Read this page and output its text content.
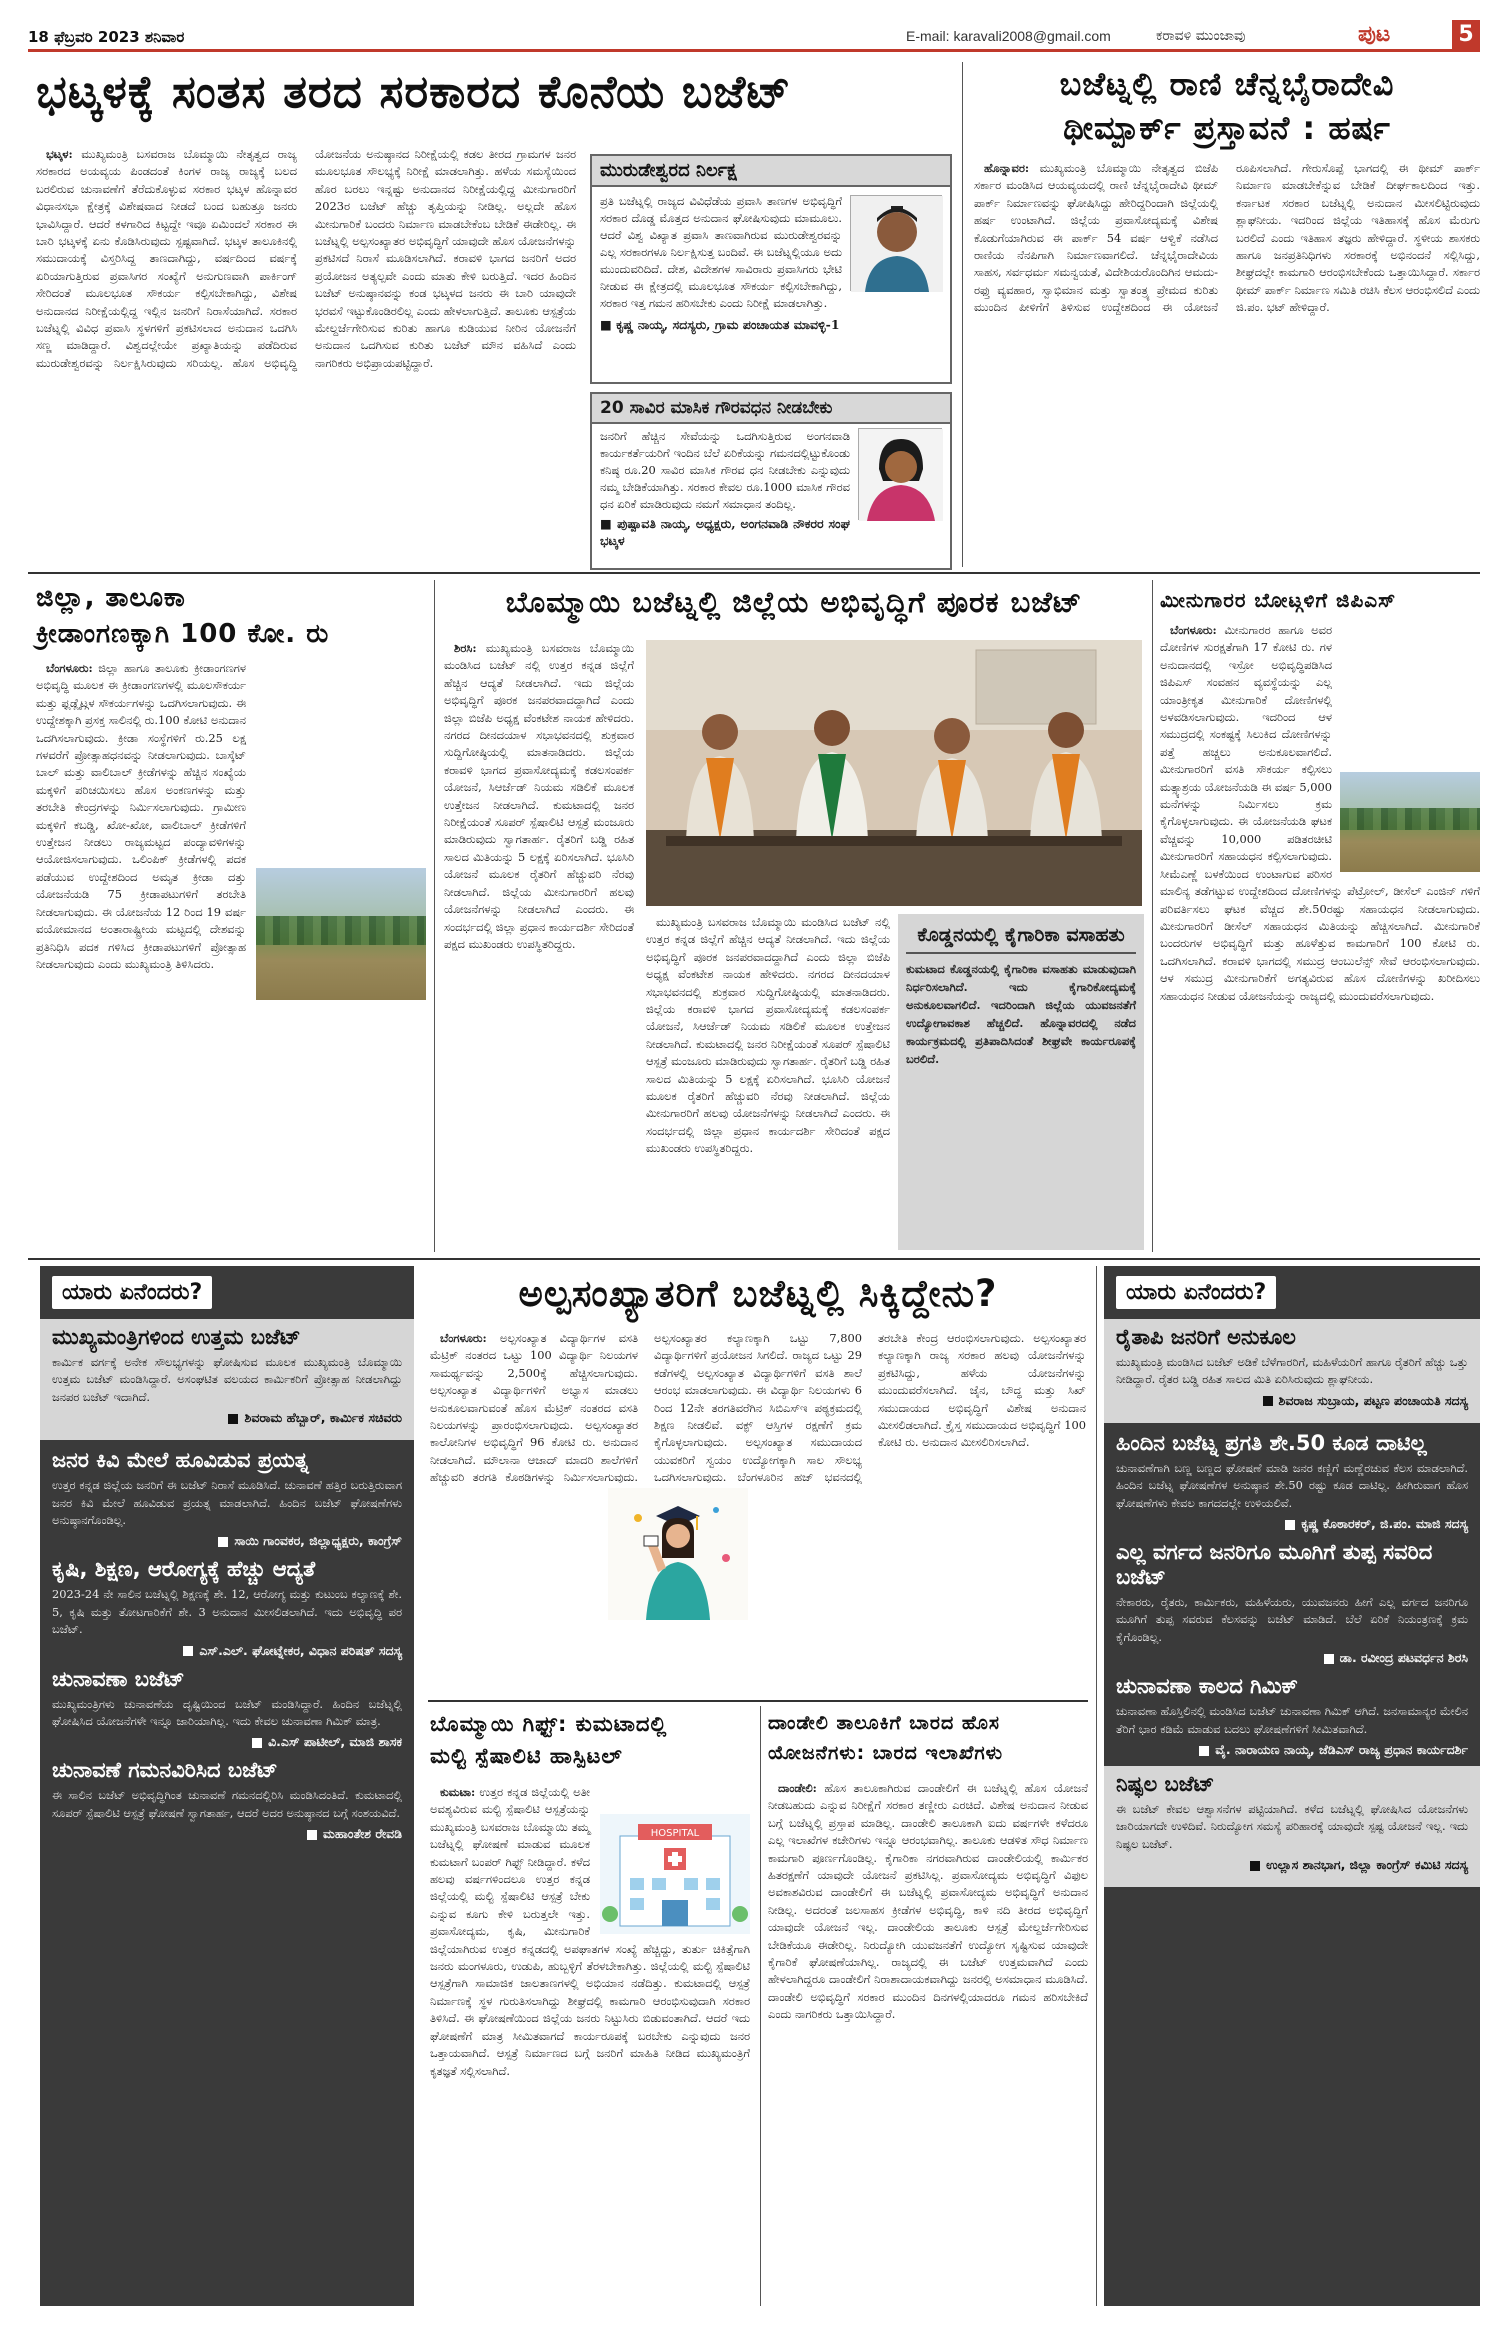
18 ಫೆಬ್ರವರಿ 2023 ಶನಿವಾರ	E-mail: karavali2008@gmail.com	ಕರಾವಳಿ ಮುಂಜಾವು	ಪುಟ	5
ಭಟ್ಕಳಕ್ಕೆ ಸಂತಸ ತರದ ಸರಕಾರದ ಕೊನೆಯ ಬಜೆಟ್

ಭಟ್ಕಳ: ಮುಖ್ಯಮಂತ್ರಿ ಬಸವರಾಜ ಬೊಮ್ಮಾಯಿ ನೇತೃತ್ವದ ರಾಜ್ಯ ಸರಕಾರದ ಅಯವ್ಯಯ ಪಿಂಡದಂತೆ ಕಿಂಗಳ ರಾಜ್ಯ ರಾಜ್ಯಕ್ಕೆ ಬಲದ ಬರಲಿರುವ ಚುನಾವಣೆಗೆ ತೆರೆದುಕೊಳ್ಳುವ ಸರಕಾರ ಭಟ್ಕಳ ಹೊನ್ನಾವರ ವಿಧಾನಸಭಾ ಕ್ಷೇತ್ರಕ್ಕೆ ವಿಶೇಷವಾದ ನೀಡದೆ ಬಂದ ಬಹುತ್ತೂ ಜನರು ಭಾವಿಸಿದ್ದಾರೆ. ಆದರೆ ಕಳಗಾರಿದ ಕಿಟ್ಟದ್ದೇ ಇವೂ ಏಮಿಂದಲೆ ಸರಕಾರ ಈ ಬಾರಿ ಭಟ್ಕಳಕ್ಕೆ ಏನು ಕೊಡಿಸಿರುವುದು ಸ್ಪಷ್ಟವಾಗಿದೆ. ಭಟ್ಕಳ ತಾಲೂಕಿನಲ್ಲಿ ಸಮುದಾಯಕ್ಕೆ ವಿಸ್ತರಿಸಿದ್ದ ತಾಣದಾಗಿದ್ದು, ವರ್ಷದಿಂದ ವರ್ಷಕ್ಕೆ ಏರಿಯಾಗುತ್ತಿರುವ ಪ್ರವಾಸಿಗರ ಸಂಖ್ಯೆಗೆ ಅನುಗುಣವಾಗಿ ಪಾರ್ಕಿಂಗ್ ಸೇರಿದಂತೆ ಮೂಲಭೂತ ಸೌಕರ್ಯ ಕಲ್ಪಿಸಬೇಕಾಗಿದ್ದು, ವಿಶೇಷ ಅನುದಾನದ ನಿರೀಕ್ಷೆಯಲ್ಲಿದ್ದ ಇಲ್ಲಿನ ಜನರಿಗೆ ನಿರಾಸೆಯಾಗಿದೆ. ಸರಕಾರ ಬಜೆಟ್ನಲ್ಲಿ ವಿವಿಧ ಪ್ರವಾಸಿ ಸ್ಥಳಗಳಿಗೆ ಪ್ರಕಟಿಸಲಾದ ಅನುದಾನ ಒದಗಿಸಿ ಸಣ್ಣ ಮಾಡಿದ್ದಾರೆ. ವಿಶ್ವದಲ್ಲೇಯೇ ಪ್ರಖ್ಯಾತಿಯನ್ನು ಪಡೆದಿರುವ ಮುರುಡೇಶ್ವರವನ್ನು ನಿರ್ಲಕ್ಷಿಸಿರುವುದು ಸರಿಯಲ್ಲ. ಹೊಸ ಅಭಿವೃದ್ಧಿ ಯೋಜನೆಯ ಅನುಷ್ಠಾನದ ನಿರೀಕ್ಷೆಯಲ್ಲಿ ಕಡಲ ತೀರದ ಗ್ರಾಮಗಳ ಜನರ ಮೂಲಭೂತ ಸೌಲಭ್ಯಕ್ಕೆ ನಿರೀಕ್ಷೆ ಮಾಡಲಾಗಿತ್ತು. ಹಳೆಯ ಸಮಸ್ಯೆಯಿಂದ ಹೊರ ಬರಲು ಇನ್ನಷ್ಟು ಅನುದಾನದ ನಿರೀಕ್ಷೆಯಲ್ಲಿದ್ದ ಮೀನುಗಾರರಿಗೆ 2023ರ ಬಜೆಟ್ ಹೆಚ್ಚು ತೃಪ್ತಿಯನ್ನು ನೀಡಿಲ್ಲ. ಅಲ್ಲದೇ ಹೊಸ ಮೀನುಗಾರಿಕೆ ಬಂದರು ನಿರ್ಮಾಣ ಮಾಡಬೇಕೆಂಬ ಬೇಡಿಕೆ ಈಡೇರಿಲ್ಲ. ಈ ಬಜೆಟ್ನಲ್ಲಿ ಅಲ್ಪಸಂಖ್ಯಾತರ ಅಭಿವೃದ್ಧಿಗೆ ಯಾವುದೇ ಹೊಸ ಯೋಜನೆಗಳನ್ನು ಪ್ರಕಟಿಸದೆ ನಿರಾಸೆ ಮೂಡಿಸಲಾಗಿದೆ. ಕರಾವಳಿ ಭಾಗದ ಜನರಿಗೆ ಅದರ ಪ್ರಯೋಜನ ಅತ್ಯಲ್ಪವೇ ಎಂದು ಮಾತು ಕೇಳಿ ಬರುತ್ತಿದೆ. ಇದರ ಹಿಂದಿನ ಬಜೆಟ್ ಅನುಷ್ಠಾನವನ್ನು ಕಂಡ ಭಟ್ಕಳದ ಜನರು ಈ ಬಾರಿ ಯಾವುದೇ ಭರವಸೆ ಇಟ್ಟುಕೊಂಡಿರಲಿಲ್ಲ ಎಂದು ಹೇಳಲಾಗುತ್ತಿದೆ. ತಾಲೂಕು ಆಸ್ಪತ್ರೆಯ ಮೇಲ್ದರ್ಜೆಗೇರಿಸುವ ಕುರಿತು ಹಾಗೂ ಕುಡಿಯುವ ನೀರಿನ ಯೋಜನೆಗೆ ಅನುದಾನ ಒದಗಿಸುವ ಕುರಿತು ಬಜೆಟ್ ಮೌನ ವಹಿಸಿದೆ ಎಂದು ನಾಗರಿಕರು ಅಭಿಪ್ರಾಯಪಟ್ಟಿದ್ದಾರೆ.

ಮುರುಡೇಶ್ವರದ ನಿರ್ಲಕ್ಷ
ಪ್ರತಿ ಬಜೆಟ್ನಲ್ಲಿ ರಾಜ್ಯದ ವಿವಿಧೆಡೆಯ ಪ್ರವಾಸಿ ತಾಣಗಳ ಅಭಿವೃದ್ಧಿಗೆ ಸರಕಾರ ದೊಡ್ಡ ಮೊತ್ತದ ಅನುದಾನ ಘೋಷಿಸುವುದು ಮಾಮೂಲು. ಆದರೆ ವಿಶ್ವ ವಿಖ್ಯಾತ ಪ್ರವಾಸಿ ತಾಣವಾಗಿರುವ ಮುರುಡೇಶ್ವರವನ್ನು ಎಲ್ಲ ಸರಕಾರಗಳೂ ನಿರ್ಲಕ್ಷಿಸುತ್ತ ಬಂದಿವೆ. ಈ ಬಜೆಟ್ನಲ್ಲಿಯೂ ಅದು ಮುಂದುವರಿದಿದೆ. ದೇಶ, ವಿದೇಶಗಳ ಸಾವಿರಾರು ಪ್ರವಾಸಿಗರು ಭೇಟಿ ನೀಡುವ ಈ ಕ್ಷೇತ್ರದಲ್ಲಿ ಮೂಲಭೂತ ಸೌಕರ್ಯ ಕಲ್ಪಿಸಬೇಕಾಗಿದ್ದು, ಸರಕಾರ ಇತ್ತ ಗಮನ ಹರಿಸಬೇಕು ಎಂದು ನಿರೀಕ್ಷೆ ಮಾಡಲಾಗಿತ್ತು.
■ ಕೃಷ್ಣ ನಾಯ್ಕ, ಸದಸ್ಯರು, ಗ್ರಾಮ ಪಂಚಾಯತ ಮಾವಳ್ಳಿ-1
20 ಸಾವಿರ ಮಾಸಿಕ ಗೌರವಧನ ನೀಡಬೇಕು
ಜನರಿಗೆ ಹೆಚ್ಚಿನ ಸೇವೆಯನ್ನು ಒದಗಿಸುತ್ತಿರುವ ಅಂಗನವಾಡಿ ಕಾರ್ಯಕರ್ತೆಯರಿಗೆ ಇಂದಿನ ಬೆಲೆ ಏರಿಕೆಯನ್ನು ಗಮನದಲ್ಲಿಟ್ಟುಕೊಂಡು ಕನಿಷ್ಠ ರೂ.20 ಸಾವಿರ ಮಾಸಿಕ ಗೌರವ ಧನ ನೀಡಬೇಕು ಎನ್ನುವುದು ನಮ್ಮ ಬೇಡಿಕೆಯಾಗಿತ್ತು. ಸರಕಾರ ಕೇವಲ ರೂ.1000 ಮಾಸಿಕ ಗೌರವ ಧನ ಏರಿಕೆ ಮಾಡಿರುವುದು ನಮಗೆ ಸಮಾಧಾನ ತಂದಿಲ್ಲ.
■ ಪುಷ್ಪಾವತಿ ನಾಯ್ಕ, ಅಧ್ಯಕ್ಷರು, ಅಂಗನವಾಡಿ ನೌಕರರ ಸಂಘ ಭಟ್ಕಳ
ಬಜೆಟ್ನಲ್ಲಿ ರಾಣಿ ಚೆನ್ನಭೈರಾದೇವಿ
ಥೀಮ್ಪಾರ್ಕ್ ಪ್ರಸ್ತಾವನೆ : ಹರ್ಷ

ಹೊನ್ನಾವರ: ಮುಖ್ಯಮಂತ್ರಿ ಬೊಮ್ಮಾಯಿ ನೇತೃತ್ವದ ಬಿಜೆಪಿ ಸರ್ಕಾರ ಮಂಡಿಸಿದ ಆಯವ್ಯಯದಲ್ಲಿ ರಾಣಿ ಚೆನ್ನಭೈರಾದೇವಿ ಥೀಮ್ ಪಾರ್ಕ್ ನಿರ್ಮಾಣವನ್ನು ಘೋಷಿಸಿದ್ದು ಹೇರಿದ್ದರಿಂದಾಗಿ ಜಿಲ್ಲೆಯಲ್ಲಿ ಹರ್ಷ ಉಂಟಾಗಿದೆ. ಜಿಲ್ಲೆಯ ಪ್ರವಾಸೋದ್ಯಮಕ್ಕೆ ವಿಶೇಷ ಕೊಡುಗೆಯಾಗಿರುವ ಈ ಪಾರ್ಕ್ 54 ವರ್ಷ ಆಳ್ವಿಕೆ ನಡೆಸಿದ ರಾಣಿಯ ನೆನಪಿಗಾಗಿ ನಿರ್ಮಾಣವಾಗಲಿದೆ. ಚೆನ್ನಭೈರಾದೇವಿಯ ಸಾಹಸ, ಸರ್ವಧರ್ಮ ಸಮನ್ವಯತೆ, ವಿದೇಶಿಯರೊಂದಿಗಿನ ಆಮದು-ರಫ್ತು ವ್ಯವಹಾರ, ಸ್ವಾಭಿಮಾನ ಮತ್ತು ಸ್ವಾತಂತ್ರ್ಯ ಪ್ರೇಮದ ಕುರಿತು ಮುಂದಿನ ಪೀಳಿಗೆಗೆ ತಿಳಿಸುವ ಉದ್ದೇಶದಿಂದ ಈ ಯೋಜನೆ ರೂಪಿಸಲಾಗಿದೆ. ಗೇರುಸೊಪ್ಪೆ ಭಾಗದಲ್ಲಿ ಈ ಥೀಮ್ ಪಾರ್ಕ್ ನಿರ್ಮಾಣ ಮಾಡಬೇಕೆನ್ನುವ ಬೇಡಿಕೆ ದೀರ್ಘಕಾಲದಿಂದ ಇತ್ತು. ಕರ್ನಾಟಕ ಸರಕಾರ ಬಜೆಟ್ನಲ್ಲಿ ಅನುದಾನ ಮೀಸಲಿಟ್ಟಿರುವುದು ಶ್ಲಾಘನೀಯ. ಇದರಿಂದ ಜಿಲ್ಲೆಯ ಇತಿಹಾಸಕ್ಕೆ ಹೊಸ ಮೆರುಗು ಬರಲಿದೆ ಎಂದು ಇತಿಹಾಸ ತಜ್ಞರು ಹೇಳಿದ್ದಾರೆ. ಸ್ಥಳೀಯ ಶಾಸಕರು ಹಾಗೂ ಜನಪ್ರತಿನಿಧಿಗಳು ಸರಕಾರಕ್ಕೆ ಅಭಿನಂದನೆ ಸಲ್ಲಿಸಿದ್ದು, ಶೀಘ್ರದಲ್ಲೇ ಕಾಮಗಾರಿ ಆರಂಭಿಸಬೇಕೆಂದು ಒತ್ತಾಯಿಸಿದ್ದಾರೆ. ಸರ್ಕಾರ ಥೀಮ್ ಪಾರ್ಕ್ ನಿರ್ಮಾಣ ಸಮಿತಿ ರಚಿಸಿ ಕೆಲಸ ಆರಂಭಿಸಲಿದೆ ಎಂದು ಜಿ.ಪಂ. ಭಟ್ ಹೇಳಿದ್ದಾರೆ.

ಜಿಲ್ಲಾ, ತಾಲೂಕಾ
ಕ್ರೀಡಾಂಗಣಕ್ಕಾಗಿ 100 ಕೋ. ರು

ಬೆಂಗಳೂರು: ಜಿಲ್ಲಾ ಹಾಗೂ ತಾಲೂಕು ಕ್ರೀಡಾಂಗಣಗಳ ಅಭಿವೃದ್ಧಿ ಮೂಲಕ ಈ ಕ್ರೀಡಾಂಗಣಗಳಲ್ಲಿ ಮೂಲಸೌಕರ್ಯ ಮತ್ತು ಫ್ಲಡ್ಲೈಟ್ಗಳ ಸೌಕರ್ಯಗಳನ್ನು ಒದಗಿಸಲಾಗುವುದು. ಈ ಉದ್ದೇಶಕ್ಕಾಗಿ ಪ್ರಸಕ್ತ ಸಾಲಿನಲ್ಲಿ ರು.100 ಕೋಟಿ ಅನುದಾನ ಒದಗಿಸಲಾಗುವುದು. ಕ್ರೀಡಾ ಸಂಸ್ಥೆಗಳಿಗೆ ರು.25 ಲಕ್ಷ ಗಳವರೆಗೆ ಪ್ರೋತ್ಸಾಹಧನವನ್ನು ನೀಡಲಾಗುವುದು. ಬಾಸ್ಕೆಟ್ ಬಾಲ್ ಮತ್ತು ವಾಲಿಬಾಲ್ ಕ್ರೀಡೆಗಳನ್ನು ಹೆಚ್ಚಿನ ಸಂಖ್ಯೆಯ ಮಕ್ಕಳಿಗೆ ಪರಿಚಯಿಸಲು ಹೊಸ ಅಂಕಣಗಳನ್ನು ಮತ್ತು ತರಬೇತಿ ಕೇಂದ್ರಗಳನ್ನು ನಿರ್ಮಿಸಲಾಗುವುದು. ಗ್ರಾಮೀಣ ಮಕ್ಕಳಿಗೆ ಕಬಡ್ಡಿ, ಖೋ-ಖೋ, ವಾಲಿಬಾಲ್ ಕ್ರೀಡೆಗಳಿಗೆ ಉತ್ತೇಜನ ನೀಡಲು ರಾಜ್ಯಮಟ್ಟದ ಪಂದ್ಯಾವಳಿಗಳನ್ನು ಆಯೋಜಿಸಲಾಗುವುದು. ಒಲಿಂಪಿಕ್ ಕ್ರೀಡೆಗಳಲ್ಲಿ ಪದಕ ಪಡೆಯುವ ಉದ್ದೇಶದಿಂದ ಅಮೃತ ಕ್ರೀಡಾ ದತ್ತು ಯೋಜನೆಯಡಿ 75 ಕ್ರೀಡಾಪಟುಗಳಿಗೆ ತರಬೇತಿ ನೀಡಲಾಗುವುದು. ಈ ಯೋಜನೆಯ 12 ರಿಂದ 19 ವರ್ಷ ವಯೋಮಾನದ ಅಂತಾರಾಷ್ಟ್ರೀಯ ಮಟ್ಟದಲ್ಲಿ ದೇಶವನ್ನು ಪ್ರತಿನಿಧಿಸಿ ಪದಕ ಗಳಿಸಿದ ಕ್ರೀಡಾಪಟುಗಳಿಗೆ ಪ್ರೋತ್ಸಾಹ ನೀಡಲಾಗುವುದು ಎಂದು ಮುಖ್ಯಮಂತ್ರಿ ತಿಳಿಸಿದರು.

ಬೊಮ್ಮಾಯಿ ಬಜೆಟ್ನಲ್ಲಿ ಜಿಲ್ಲೆಯ ಅಭಿವೃದ್ಧಿಗೆ ಪೂರಕ ಬಜೆಟ್

ಶಿರಸಿ: ಮುಖ್ಯಮಂತ್ರಿ ಬಸವರಾಜ ಬೊಮ್ಮಾಯಿ ಮಂಡಿಸಿದ ಬಜೆಟ್ ನಲ್ಲಿ ಉತ್ತರ ಕನ್ನಡ ಜಿಲ್ಲೆಗೆ ಹೆಚ್ಚಿನ ಆದ್ಯತೆ ನೀಡಲಾಗಿದೆ. ಇದು ಜಿಲ್ಲೆಯ ಅಭಿವೃದ್ಧಿಗೆ ಪೂರಕ ಜನಪರವಾದದ್ದಾಗಿದೆ ಎಂದು ಜಿಲ್ಲಾ ಬಿಜೆಪಿ ಅಧ್ಯಕ್ಷ ವೆಂಕಟೇಶ ನಾಯಕ ಹೇಳಿದರು. ನಗರದ ದೀನದಯಾಳ ಸಭಾಭವನದಲ್ಲಿ ಶುಕ್ರವಾರ ಸುದ್ದಿಗೋಷ್ಠಿಯಲ್ಲಿ ಮಾತನಾಡಿದರು. ಜಿಲ್ಲೆಯ ಕರಾವಳಿ ಭಾಗದ ಪ್ರವಾಸೋದ್ಯಮಕ್ಕೆ ಕಡಲಸಂಪರ್ಕ ಯೋಜನೆ, ಸಿಆರ್ಜೆಡ್ ನಿಯಮ ಸಡಿಲಿಕೆ ಮೂಲಕ ಉತ್ತೇಜನ ನೀಡಲಾಗಿದೆ. ಕುಮಟಾದಲ್ಲಿ ಜನರ ನಿರೀಕ್ಷೆಯಂತೆ ಸೂಪರ್ ಸ್ಪೆಷಾಲಿಟಿ ಆಸ್ಪತ್ರೆ ಮಂಜೂರು ಮಾಡಿರುವುದು ಸ್ವಾಗತಾರ್ಹ. ರೈತರಿಗೆ ಬಡ್ಡಿ ರಹಿತ ಸಾಲದ ಮಿತಿಯನ್ನು 5 ಲಕ್ಷಕ್ಕೆ ಏರಿಸಲಾಗಿದೆ. ಭೂಸಿರಿ ಯೋಜನೆ ಮೂಲಕ ರೈತರಿಗೆ ಹೆಚ್ಚುವರಿ ನೆರವು ನೀಡಲಾಗಿದೆ. ಜಿಲ್ಲೆಯ ಮೀನುಗಾರರಿಗೆ ಹಲವು ಯೋಜನೆಗಳನ್ನು ನೀಡಲಾಗಿದೆ ಎಂದರು. ಈ ಸಂದರ್ಭದಲ್ಲಿ ಜಿಲ್ಲಾ ಪ್ರಧಾನ ಕಾರ್ಯದರ್ಶಿ ಸೇರಿದಂತೆ ಪಕ್ಷದ ಮುಖಂಡರು ಉಪಸ್ಥಿತರಿದ್ದರು.

ಮುಖ್ಯಮಂತ್ರಿ ಬಸವರಾಜ ಬೊಮ್ಮಾಯಿ ಮಂಡಿಸಿದ ಬಜೆಟ್ ನಲ್ಲಿ ಉತ್ತರ ಕನ್ನಡ ಜಿಲ್ಲೆಗೆ ಹೆಚ್ಚಿನ ಆದ್ಯತೆ ನೀಡಲಾಗಿದೆ. ಇದು ಜಿಲ್ಲೆಯ ಅಭಿವೃದ್ಧಿಗೆ ಪೂರಕ ಜನಪರವಾದದ್ದಾಗಿದೆ ಎಂದು ಜಿಲ್ಲಾ ಬಿಜೆಪಿ ಅಧ್ಯಕ್ಷ ವೆಂಕಟೇಶ ನಾಯಕ ಹೇಳಿದರು. ನಗರದ ದೀನದಯಾಳ ಸಭಾಭವನದಲ್ಲಿ ಶುಕ್ರವಾರ ಸುದ್ದಿಗೋಷ್ಠಿಯಲ್ಲಿ ಮಾತನಾಡಿದರು. ಜಿಲ್ಲೆಯ ಕರಾವಳಿ ಭಾಗದ ಪ್ರವಾಸೋದ್ಯಮಕ್ಕೆ ಕಡಲಸಂಪರ್ಕ ಯೋಜನೆ, ಸಿಆರ್ಜೆಡ್ ನಿಯಮ ಸಡಿಲಿಕೆ ಮೂಲಕ ಉತ್ತೇಜನ ನೀಡಲಾಗಿದೆ. ಕುಮಟಾದಲ್ಲಿ ಜನರ ನಿರೀಕ್ಷೆಯಂತೆ ಸೂಪರ್ ಸ್ಪೆಷಾಲಿಟಿ ಆಸ್ಪತ್ರೆ ಮಂಜೂರು ಮಾಡಿರುವುದು ಸ್ವಾಗತಾರ್ಹ. ರೈತರಿಗೆ ಬಡ್ಡಿ ರಹಿತ ಸಾಲದ ಮಿತಿಯನ್ನು 5 ಲಕ್ಷಕ್ಕೆ ಏರಿಸಲಾಗಿದೆ. ಭೂಸಿರಿ ಯೋಜನೆ ಮೂಲಕ ರೈತರಿಗೆ ಹೆಚ್ಚುವರಿ ನೆರವು ನೀಡಲಾಗಿದೆ. ಜಿಲ್ಲೆಯ ಮೀನುಗಾರರಿಗೆ ಹಲವು ಯೋಜನೆಗಳನ್ನು ನೀಡಲಾಗಿದೆ ಎಂದರು. ಈ ಸಂದರ್ಭದಲ್ಲಿ ಜಿಲ್ಲಾ ಪ್ರಧಾನ ಕಾರ್ಯದರ್ಶಿ ಸೇರಿದಂತೆ ಪಕ್ಷದ ಮುಖಂಡರು ಉಪಸ್ಥಿತರಿದ್ದರು.

ಕೊಡ್ಡನಯಲ್ಲಿ ಕೈಗಾರಿಕಾ ವಸಾಹತು
ಕುಮಟಾದ ಕೊಡ್ಡನಯಲ್ಲಿ ಕೈಗಾರಿಕಾ ವಸಾಹತು ಮಾಡುವುದಾಗಿ ನಿರ್ಧರಿಸಲಾಗಿದೆ. ಇದು ಕೈಗಾರಿಕೋದ್ಯಮಕ್ಕೆ ಅನುಕೂಲವಾಗಲಿದೆ. ಇದರಿಂದಾಗಿ ಜಿಲ್ಲೆಯ ಯುವಜನತೆಗೆ ಉದ್ಯೋಗಾವಕಾಶ ಹೆಚ್ಚಲಿದೆ. ಹೊನ್ನಾವರದಲ್ಲಿ ನಡೆದ ಕಾರ್ಯಕ್ರಮದಲ್ಲಿ ಪ್ರತಿಪಾದಿಸಿದಂತೆ ಶೀಘ್ರವೇ ಕಾರ್ಯರೂಪಕ್ಕೆ ಬರಲಿದೆ.
ಮೀನುಗಾರರ ಬೋಟ್ಗಳಿಗೆ ಜಿಪಿಎಸ್

ಬೆಂಗಳೂರು: ಮೀನುಗಾರರ ಹಾಗೂ ಅವರ ದೋಣಿಗಳ ಸುರಕ್ಷತೆಗಾಗಿ 17 ಕೋಟಿ ರು. ಗಳ ಅನುದಾನದಲ್ಲಿ ಇಸ್ರೋ ಅಭಿವೃದ್ಧಿಪಡಿಸಿದ ಜಿಪಿಎಸ್ ಸಂವಹನ ವ್ಯವಸ್ಥೆಯನ್ನು ಎಲ್ಲ ಯಾಂತ್ರೀಕೃತ ಮೀನುಗಾರಿಕೆ ದೋಣಿಗಳಲ್ಲಿ ಅಳವಡಿಸಲಾಗುವುದು. ಇದರಿಂದ ಆಳ ಸಮುದ್ರದಲ್ಲಿ ಸಂಕಷ್ಟಕ್ಕೆ ಸಿಲುಕಿದ ದೋಣಿಗಳನ್ನು ಪತ್ತೆ ಹಚ್ಚಲು ಅನುಕೂಲವಾಗಲಿದೆ. ಮೀನುಗಾರರಿಗೆ ವಸತಿ ಸೌಕರ್ಯ ಕಲ್ಪಿಸಲು ಮತ್ಸ್ಯಾಶ್ರಯ ಯೋಜನೆಯಡಿ ಈ ವರ್ಷ 5,000 ಮನೆಗಳನ್ನು ನಿರ್ಮಿಸಲು ಕ್ರಮ ಕೈಗೊಳ್ಳಲಾಗುವುದು. ಈ ಯೋಜನೆಯಡಿ ಘಟಕ ವೆಚ್ಚವನ್ನು 10,000 ಪಡಿತರಚೀಟಿ ಮೀನುಗಾರರಿಗೆ ಸಹಾಯಧನ ಕಲ್ಪಿಸಲಾಗುವುದು. ಸೀಮೆಎಣ್ಣೆ ಬಳಕೆಯಿಂದ ಉಂಟಾಗುವ ಪರಿಸರ ಮಾಲಿನ್ಯ ತಡೆಗಟ್ಟುವ ಉದ್ದೇಶದಿಂದ ದೋಣಿಗಳನ್ನು ಪೆಟ್ರೋಲ್, ಡೀಸೆಲ್ ಎಂಜಿನ್ ಗಳಿಗೆ ಪರಿವರ್ತಿಸಲು ಘಟಕ ವೆಚ್ಚದ ಶೇ.50ರಷ್ಟು ಸಹಾಯಧನ ನೀಡಲಾಗುವುದು. ಮೀನುಗಾರರಿಗೆ ಡೀಸೆಲ್ ಸಹಾಯಧನ ಮಿತಿಯನ್ನು ಹೆಚ್ಚಿಸಲಾಗಿದೆ. ಮೀನುಗಾರಿಕೆ ಬಂದರುಗಳ ಅಭಿವೃದ್ಧಿಗೆ ಮತ್ತು ಹೂಳೆತ್ತುವ ಕಾಮಗಾರಿಗೆ 100 ಕೋಟಿ ರು. ಒದಗಿಸಲಾಗಿದೆ. ಕರಾವಳಿ ಭಾಗದಲ್ಲಿ ಸಮುದ್ರ ಆಂಬುಲೆನ್ಸ್ ಸೇವೆ ಆರಂಭಿಸಲಾಗುವುದು. ಆಳ ಸಮುದ್ರ ಮೀನುಗಾರಿಕೆಗೆ ಅಗತ್ಯವಿರುವ ಹೊಸ ದೋಣಿಗಳನ್ನು ಖರೀದಿಸಲು ಸಹಾಯಧನ ನೀಡುವ ಯೋಜನೆಯನ್ನು ರಾಜ್ಯದಲ್ಲಿ ಮುಂದುವರೆಸಲಾಗುವುದು.

ಯಾರು ಏನೆಂದರು?
ಮುಖ್ಯಮಂತ್ರಿಗಳಿಂದ ಉತ್ತಮ ಬಜೆಟ್
ಕಾರ್ಮಿಕ ವರ್ಗಕ್ಕೆ ಅನೇಕ ಸೌಲಭ್ಯಗಳನ್ನು ಘೋಷಿಸುವ ಮೂಲಕ ಮುಖ್ಯಮಂತ್ರಿ ಬೊಮ್ಮಾಯಿ ಉತ್ತಮ ಬಜೆಟ್ ಮಂಡಿಸಿದ್ದಾರೆ. ಅಸಂಘಟಿತ ವಲಯದ ಕಾರ್ಮಿಕರಿಗೆ ಪ್ರೋತ್ಸಾಹ ನೀಡಲಾಗಿದ್ದು ಜನಪರ ಬಜೆಟ್ ಇದಾಗಿದೆ.
ಶಿವರಾಮ ಹೆಬ್ಬಾರ್, ಕಾರ್ಮಿಕ ಸಚಿವರು
ಜನರ ಕಿವಿ ಮೇಲೆ ಹೂವಿಡುವ ಪ್ರಯತ್ನ
ಉತ್ತರ ಕನ್ನಡ ಜಿಲ್ಲೆಯ ಜನರಿಗೆ ಈ ಬಜೆಟ್ ನಿರಾಸೆ ಮೂಡಿಸಿದೆ. ಚುನಾವಣೆ ಹತ್ತಿರ ಬರುತ್ತಿರುವಾಗ ಜನರ ಕಿವಿ ಮೇಲೆ ಹೂವಿಡುವ ಪ್ರಯತ್ನ ಮಾಡಲಾಗಿದೆ. ಹಿಂದಿನ ಬಜೆಟ್ ಘೋಷಣೆಗಳು ಅನುಷ್ಠಾನಗೊಂಡಿಲ್ಲ.
ಸಾಯಿ ಗಾಂವಕರ, ಜಿಲ್ಲಾಧ್ಯಕ್ಷರು, ಕಾಂಗ್ರೆಸ್
ಕೃಷಿ, ಶಿಕ್ಷಣ, ಆರೋಗ್ಯಕ್ಕೆ ಹೆಚ್ಚು ಆದ್ಯತೆ
2023-24 ನೇ ಸಾಲಿನ ಬಜೆಟ್ನಲ್ಲಿ ಶಿಕ್ಷಣಕ್ಕೆ ಶೇ. 12, ಆರೋಗ್ಯ ಮತ್ತು ಕುಟುಂಬ ಕಲ್ಯಾಣಕ್ಕೆ ಶೇ. 5, ಕೃಷಿ ಮತ್ತು ತೋಟಗಾರಿಕೆಗೆ ಶೇ. 3 ಅನುದಾನ ಮೀಸಲಿಡಲಾಗಿದೆ. ಇದು ಅಭಿವೃದ್ಧಿ ಪರ ಬಜೆಟ್.
ಎಸ್.ಎಲ್. ಘೋಟ್ನೇಕರ, ವಿಧಾನ ಪರಿಷತ್ ಸದಸ್ಯ
ಚುನಾವಣಾ ಬಜೆಟ್
ಮುಖ್ಯಮಂತ್ರಿಗಳು ಚುನಾವಣೆಯ ದೃಷ್ಟಿಯಿಂದ ಬಜೆಟ್ ಮಂಡಿಸಿದ್ದಾರೆ. ಹಿಂದಿನ ಬಜೆಟ್ನಲ್ಲಿ ಘೋಷಿಸಿದ ಯೋಜನೆಗಳೇ ಇನ್ನೂ ಜಾರಿಯಾಗಿಲ್ಲ. ಇದು ಕೇವಲ ಚುನಾವಣಾ ಗಿಮಿಕ್ ಮಾತ್ರ.
ವಿ.ಎಸ್ ಪಾಟೀಲ್, ಮಾಜಿ ಶಾಸಕ
ಚುನಾವಣೆ ಗಮನವಿರಿಸಿದ ಬಜೆಟ್
ಈ ಸಾಲಿನ ಬಜೆಟ್ ಅಭಿವೃದ್ಧಿಗಿಂತ ಚುನಾವಣೆ ಗಮನದಲ್ಲಿರಿಸಿ ಮಂಡಿಸಿದಂತಿದೆ. ಕುಮಟಾದಲ್ಲಿ ಸೂಪರ್ ಸ್ಪೆಷಾಲಿಟಿ ಆಸ್ಪತ್ರೆ ಘೋಷಣೆ ಸ್ವಾಗತಾರ್ಹ, ಆದರೆ ಅದರ ಅನುಷ್ಠಾನದ ಬಗ್ಗೆ ಸಂಶಯವಿದೆ.
ಮಹಾಂತೇಶ ರೇವಡಿ
ಅಲ್ಪಸಂಖ್ಯಾತರಿಗೆ ಬಜೆಟ್ನಲ್ಲಿ ಸಿಕ್ಕಿದ್ದೇನು?

ಬೆಂಗಳೂರು: ಅಲ್ಪಸಂಖ್ಯಾತ ವಿದ್ಯಾರ್ಥಿಗಳ ವಸತಿ ಮೆಟ್ರಿಕ್ ನಂತರದ ಒಟ್ಟು 100 ವಿದ್ಯಾರ್ಥಿ ನಿಲಯಗಳ ಸಾಮರ್ಥ್ಯವನ್ನು 2,500ಕ್ಕೆ ಹೆಚ್ಚಿಸಲಾಗುವುದು. ಅಲ್ಪಸಂಖ್ಯಾತ ವಿದ್ಯಾರ್ಥಿಗಳಿಗೆ ಅಭ್ಯಾಸ ಮಾಡಲು ಅನುಕೂಲವಾಗುವಂತೆ ಹೊಸ ಮೆಟ್ರಿಕ್ ನಂತರದ ವಸತಿ ನಿಲಯಗಳನ್ನು ಪ್ರಾರಂಭಿಸಲಾಗುವುದು. ಅಲ್ಪಸಂಖ್ಯಾತರ ಕಾಲೋನಿಗಳ ಅಭಿವೃದ್ಧಿಗೆ 96 ಕೋಟಿ ರು. ಅನುದಾನ ನೀಡಲಾಗಿದೆ. ಮೌಲಾನಾ ಆಜಾದ್ ಮಾದರಿ ಶಾಲೆಗಳಿಗೆ ಹೆಚ್ಚುವರಿ ತರಗತಿ ಕೊಠಡಿಗಳನ್ನು ನಿರ್ಮಿಸಲಾಗುವುದು. ಅಲ್ಪಸಂಖ್ಯಾತರ ಕಲ್ಯಾಣಕ್ಕಾಗಿ ಒಟ್ಟು 7,800 ವಿದ್ಯಾರ್ಥಿಗಳಿಗೆ ಪ್ರಯೋಜನ ಸಿಗಲಿದೆ. ರಾಜ್ಯದ ಒಟ್ಟು 29 ಕಡೆಗಳಲ್ಲಿ ಅಲ್ಪಸಂಖ್ಯಾತ ವಿದ್ಯಾರ್ಥಿಗಳಿಗೆ ವಸತಿ ಶಾಲೆ ಆರಂಭ ಮಾಡಲಾಗುವುದು. ಈ ವಿದ್ಯಾರ್ಥಿ ನಿಲಯಗಳು 6 ರಿಂದ 12ನೇ ತರಗತಿವರೆಗಿನ ಸಿಬಿಎಸ್ಇ ಪಠ್ಯಕ್ರಮದಲ್ಲಿ ಶಿಕ್ಷಣ ನೀಡಲಿವೆ. ವಕ್ಫ್ ಆಸ್ತಿಗಳ ರಕ್ಷಣೆಗೆ ಕ್ರಮ ಕೈಗೊಳ್ಳಲಾಗುವುದು. ಅಲ್ಪಸಂಖ್ಯಾತ ಸಮುದಾಯದ ಯುವಕರಿಗೆ ಸ್ವಯಂ ಉದ್ಯೋಗಕ್ಕಾಗಿ ಸಾಲ ಸೌಲಭ್ಯ ಒದಗಿಸಲಾಗುವುದು. ಬೆಂಗಳೂರಿನ ಹಜ್ ಭವನದಲ್ಲಿ ತರಬೇತಿ ಕೇಂದ್ರ ಆರಂಭಿಸಲಾಗುವುದು. ಅಲ್ಪಸಂಖ್ಯಾತರ ಕಲ್ಯಾಣಕ್ಕಾಗಿ ರಾಜ್ಯ ಸರಕಾರ ಹಲವು ಯೋಜನೆಗಳನ್ನು ಪ್ರಕಟಿಸಿದ್ದು, ಹಳೆಯ ಯೋಜನೆಗಳನ್ನು ಮುಂದುವರೆಸಲಾಗಿದೆ. ಜೈನ, ಬೌದ್ಧ ಮತ್ತು ಸಿಖ್ ಸಮುದಾಯದ ಅಭಿವೃದ್ಧಿಗೆ ವಿಶೇಷ ಅನುದಾನ ಮೀಸಲಿಡಲಾಗಿದೆ. ಕ್ರೈಸ್ತ ಸಮುದಾಯದ ಅಭಿವೃದ್ಧಿಗೆ 100 ಕೋಟಿ ರು. ಅನುದಾನ ಮೀಸಲಿರಿಸಲಾಗಿದೆ.

ಬೊಮ್ಮಾಯಿ ಗಿಫ್ಟ್: ಕುಮಟಾದಲ್ಲಿ
ಮಲ್ಟಿ ಸ್ಪೆಷಾಲಿಟಿ ಹಾಸ್ಪಿಟಲ್
HOSPITAL

ಕುಮಟಾ: ಉತ್ತರ ಕನ್ನಡ ಜಿಲ್ಲೆಯಲ್ಲಿ ಅತೀ ಅವಶ್ಯವಿರುವ ಮಲ್ಟಿ ಸ್ಪೆಷಾಲಿಟಿ ಆಸ್ಪತ್ರೆಯನ್ನು ಮುಖ್ಯಮಂತ್ರಿ ಬಸವರಾಜ ಬೊಮ್ಮಾಯಿ ತಮ್ಮ ಬಜೆಟ್ನಲ್ಲಿ ಘೋಷಣೆ ಮಾಡುವ ಮೂಲಕ ಕುಮಟಾಗೆ ಬಂಪರ್ ಗಿಫ್ಟ್ ನೀಡಿದ್ದಾರೆ. ಕಳೆದ ಹಲವು ವರ್ಷಗಳಿಂದಲೂ ಉತ್ತರ ಕನ್ನಡ ಜಿಲ್ಲೆಯಲ್ಲಿ ಮಲ್ಟಿ ಸ್ಪೆಷಾಲಿಟಿ ಆಸ್ಪತ್ರೆ ಬೇಕು ಎನ್ನುವ ಕೂಗು ಕೇಳಿ ಬರುತ್ತಲೇ ಇತ್ತು. ಪ್ರವಾಸೋದ್ಯಮ, ಕೃಷಿ, ಮೀನುಗಾರಿಕೆ ಜಿಲ್ಲೆಯಾಗಿರುವ ಉತ್ತರ ಕನ್ನಡದಲ್ಲಿ ಅಪಘಾತಗಳ ಸಂಖ್ಯೆ ಹೆಚ್ಚಿದ್ದು, ತುರ್ತು ಚಿಕಿತ್ಸೆಗಾಗಿ ಜನರು ಮಂಗಳೂರು, ಉಡುಪಿ, ಹುಬ್ಬಳ್ಳಿಗೆ ತೆರಳಬೇಕಾಗಿತ್ತು. ಜಿಲ್ಲೆಯಲ್ಲಿ ಮಲ್ಟಿ ಸ್ಪೆಷಾಲಿಟಿ ಆಸ್ಪತ್ರೆಗಾಗಿ ಸಾಮಾಜಿಕ ಜಾಲತಾಣಗಳಲ್ಲಿ ಅಭಿಯಾನ ನಡೆದಿತ್ತು. ಕುಮಟಾದಲ್ಲಿ ಆಸ್ಪತ್ರೆ ನಿರ್ಮಾಣಕ್ಕೆ ಸ್ಥಳ ಗುರುತಿಸಲಾಗಿದ್ದು ಶೀಘ್ರದಲ್ಲಿ ಕಾಮಗಾರಿ ಆರಂಭಿಸುವುದಾಗಿ ಸರಕಾರ ತಿಳಿಸಿದೆ. ಈ ಘೋಷಣೆಯಿಂದ ಜಿಲ್ಲೆಯ ಜನರು ನಿಟ್ಟುಸಿರು ಬಿಡುವಂತಾಗಿದೆ. ಆದರೆ ಇದು ಘೋಷಣೆಗೆ ಮಾತ್ರ ಸೀಮಿತವಾಗದೆ ಕಾರ್ಯರೂಪಕ್ಕೆ ಬರಬೇಕು ಎನ್ನುವುದು ಜನರ ಒತ್ತಾಯವಾಗಿದೆ. ಆಸ್ಪತ್ರೆ ನಿರ್ಮಾಣದ ಬಗ್ಗೆ ಜನರಿಗೆ ಮಾಹಿತಿ ನೀಡಿದ ಮುಖ್ಯಮಂತ್ರಿಗೆ ಕೃತಜ್ಞತೆ ಸಲ್ಲಿಸಲಾಗಿದೆ.

ದಾಂಡೇಲಿ ತಾಲೂಕಿಗೆ ಬಾರದ ಹೊಸ
ಯೋಜನೆಗಳು: ಬಾರದ ಇಲಾಖೆಗಳು

ದಾಂಡೇಲಿ: ಹೊಸ ತಾಲೂಕಾಗಿರುವ ದಾಂಡೇಲಿಗೆ ಈ ಬಜೆಟ್ನಲ್ಲಿ ಹೊಸ ಯೋಜನೆ ನೀಡಬಹುದು ಎನ್ನುವ ನಿರೀಕ್ಷೆಗೆ ಸರಕಾರ ತಣ್ಣೀರು ಎರಚಿದೆ. ವಿಶೇಷ ಅನುದಾನ ನೀಡುವ ಬಗ್ಗೆ ಬಜೆಟ್ನಲ್ಲಿ ಪ್ರಸ್ತಾಪ ಮಾಡಿಲ್ಲ. ದಾಂಡೇಲಿ ತಾಲೂಕಾಗಿ ಐದು ವರ್ಷಗಳೇ ಕಳೆದರೂ ಎಲ್ಲ ಇಲಾಖೆಗಳ ಕಚೇರಿಗಳು ಇನ್ನೂ ಆರಂಭವಾಗಿಲ್ಲ. ತಾಲೂಕು ಆಡಳಿತ ಸೌಧ ನಿರ್ಮಾಣ ಕಾಮಗಾರಿ ಪೂರ್ಣಗೊಂಡಿಲ್ಲ. ಕೈಗಾರಿಕಾ ನಗರವಾಗಿರುವ ದಾಂಡೇಲಿಯಲ್ಲಿ ಕಾರ್ಮಿಕರ ಹಿತರಕ್ಷಣೆಗೆ ಯಾವುದೇ ಯೋಜನೆ ಪ್ರಕಟಿಸಿಲ್ಲ. ಪ್ರವಾಸೋದ್ಯಮ ಅಭಿವೃದ್ಧಿಗೆ ವಿಫುಲ ಅವಕಾಶವಿರುವ ದಾಂಡೇಲಿಗೆ ಈ ಬಜೆಟ್ನಲ್ಲಿ ಪ್ರವಾಸೋದ್ಯಮ ಅಭಿವೃದ್ಧಿಗೆ ಅನುದಾನ ನೀಡಿಲ್ಲ. ಅದರಂತೆ ಜಲಸಾಹಸ ಕ್ರೀಡೆಗಳ ಅಭಿವೃದ್ಧಿ, ಕಾಳಿ ನದಿ ತೀರದ ಅಭಿವೃದ್ಧಿಗೆ ಯಾವುದೇ ಯೋಜನೆ ಇಲ್ಲ. ದಾಂಡೇಲಿಯ ತಾಲೂಕು ಆಸ್ಪತ್ರೆ ಮೇಲ್ದರ್ಜೆಗೇರಿಸುವ ಬೇಡಿಕೆಯೂ ಈಡೇರಿಲ್ಲ. ನಿರುದ್ಯೋಗಿ ಯುವಜನತೆಗೆ ಉದ್ಯೋಗ ಸೃಷ್ಟಿಸುವ ಯಾವುದೇ ಕೈಗಾರಿಕೆ ಘೋಷಣೆಯಾಗಿಲ್ಲ. ರಾಜ್ಯದಲ್ಲಿ ಈ ಬಜೆಟ್ ಉತ್ತಮವಾಗಿದೆ ಎಂದು ಹೇಳಲಾಗಿದ್ದರೂ ದಾಂಡೇಲಿಗೆ ನಿರಾಶಾದಾಯಕವಾಗಿದ್ದು ಜನರಲ್ಲಿ ಅಸಮಾಧಾನ ಮೂಡಿಸಿದೆ. ದಾಂಡೇಲಿ ಅಭಿವೃದ್ಧಿಗೆ ಸರಕಾರ ಮುಂದಿನ ದಿನಗಳಲ್ಲಿಯಾದರೂ ಗಮನ ಹರಿಸಬೇಕಿದೆ ಎಂದು ನಾಗರಿಕರು ಒತ್ತಾಯಿಸಿದ್ದಾರೆ.

ಯಾರು ಏನೆಂದರು?
ರೈತಾಪಿ ಜನರಿಗೆ ಅನುಕೂಲ
ಮುಖ್ಯಮಂತ್ರಿ ಮಂಡಿಸಿದ ಬಜೆಟ್ ಅಡಿಕೆ ಬೆಳೆಗಾರರಿಗೆ, ಮಹಿಳೆಯರಿಗೆ ಹಾಗೂ ರೈತರಿಗೆ ಹೆಚ್ಚು ಒತ್ತು ನೀಡಿದ್ದಾರೆ. ರೈತರ ಬಡ್ಡಿ ರಹಿತ ಸಾಲದ ಮಿತಿ ಏರಿಸಿರುವುದು ಶ್ಲಾಘನೀಯ.
ಶಿವರಾಜ ಸುಬ್ರಾಯ, ಪಟ್ಟಣ ಪಂಚಾಯತಿ ಸದಸ್ಯ
ಹಿಂದಿನ ಬಜೆಟ್ನ ಪ್ರಗತಿ ಶೇ.50 ಕೂಡ ದಾಟಿಲ್ಲ
ಚುನಾವಣೆಗಾಗಿ ಬಣ್ಣ ಬಣ್ಣದ ಘೋಷಣೆ ಮಾಡಿ ಜನರ ಕಣ್ಣಿಗೆ ಮಣ್ಣೆರಚುವ ಕೆಲಸ ಮಾಡಲಾಗಿದೆ. ಹಿಂದಿನ ಬಜೆಟ್ನ ಘೋಷಣೆಗಳ ಅನುಷ್ಠಾನ ಶೇ.50 ರಷ್ಟು ಕೂಡ ದಾಟಿಲ್ಲ. ಹೀಗಿರುವಾಗ ಹೊಸ ಘೋಷಣೆಗಳು ಕೇವಲ ಕಾಗದದಲ್ಲೇ ಉಳಿಯಲಿವೆ.
ಕೃಷ್ಣ ಕೊಠಾರಕರ್, ಜಿ.ಪಂ. ಮಾಜಿ ಸದಸ್ಯ
ಎಲ್ಲ ವರ್ಗದ ಜನರಿಗೂ ಮೂಗಿಗೆ ತುಪ್ಪ ಸವರಿದ ಬಜೆಟ್
ನೇಕಾರರು, ರೈತರು, ಕಾರ್ಮಿಕರು, ಮಹಿಳೆಯರು, ಯುವಜನರು ಹೀಗೆ ಎಲ್ಲ ವರ್ಗದ ಜನರಿಗೂ ಮೂಗಿಗೆ ತುಪ್ಪ ಸವರುವ ಕೆಲಸವನ್ನು ಬಜೆಟ್ ಮಾಡಿದೆ. ಬೆಲೆ ಏರಿಕೆ ನಿಯಂತ್ರಣಕ್ಕೆ ಕ್ರಮ ಕೈಗೊಂಡಿಲ್ಲ.
ಡಾ. ರವೀಂದ್ರ ಪಟವರ್ಧನ ಶಿರಸಿ
ಚುನಾವಣಾ ಕಾಲದ ಗಿಮಿಕ್
ಚುನಾವಣಾ ಹೊಸ್ತಿಲಿನಲ್ಲಿ ಮಂಡಿಸಿದ ಬಜೆಟ್ ಚುನಾವಣಾ ಗಿಮಿಕ್ ಆಗಿದೆ. ಜನಸಾಮಾನ್ಯರ ಮೇಲಿನ ತೆರಿಗೆ ಭಾರ ಕಡಿಮೆ ಮಾಡುವ ಬದಲು ಘೋಷಣೆಗಳಿಗೆ ಸೀಮಿತವಾಗಿದೆ.
ವೈ. ನಾರಾಯಣ ನಾಯ್ಕ, ಜೆಡಿಎಸ್ ರಾಜ್ಯ ಪ್ರಧಾನ ಕಾರ್ಯದರ್ಶಿ
ನಿಷ್ಫಲ ಬಜೆಟ್
ಈ ಬಜೆಟ್ ಕೇವಲ ಆಶ್ವಾಸನೆಗಳ ಪಟ್ಟಿಯಾಗಿದೆ. ಕಳೆದ ಬಜೆಟ್ನಲ್ಲಿ ಘೋಷಿಸಿದ ಯೋಜನೆಗಳು ಜಾರಿಯಾಗದೇ ಉಳಿದಿವೆ. ನಿರುದ್ಯೋಗ ಸಮಸ್ಯೆ ಪರಿಹಾರಕ್ಕೆ ಯಾವುದೇ ಸ್ಪಷ್ಟ ಯೋಜನೆ ಇಲ್ಲ. ಇದು ನಿಷ್ಫಲ ಬಜೆಟ್.
ಉಲ್ಲಾಸ ಶಾನಭಾಗ, ಜಿಲ್ಲಾ ಕಾಂಗ್ರೆಸ್ ಕಮಿಟಿ ಸದಸ್ಯ
